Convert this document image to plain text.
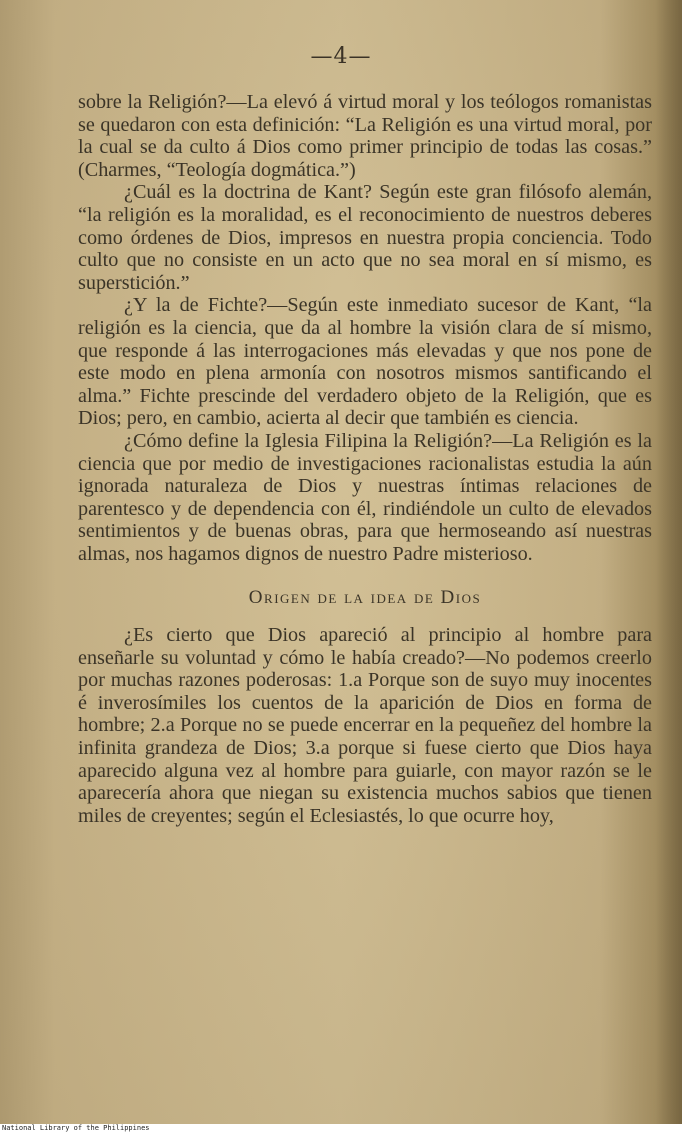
—4—

sobre la Religión?—La elevó á virtud moral y los teólogos romanistas se quedaron con esta definición: “La Religión es una virtud moral, por la cual se da culto á Dios como primer principio de todas las cosas.” (Charmes, “Teología dogmática.”)

¿Cuál es la doctrina de Kant? Según este gran filósofo alemán, “la religión es la moralidad, es el reconocimiento de nuestros deberes como órdenes de Dios, impresos en nuestra propia conciencia. Todo culto que no consiste en un acto que no sea moral en sí mismo, es superstición.”

¿Y la de Fichte?—Según este inmediato sucesor de Kant, “la religión es la ciencia, que da al hombre la visión clara de sí mismo, que responde á las interrogaciones más elevadas y que nos pone de este modo en plena armonía con nosotros mismos santificando el alma.” Fichte prescinde del verdadero objeto de la Religión, que es Dios; pero, en cambio, acierta al decir que también es ciencia.

¿Cómo define la Iglesia Filipina la Religión?—La Religión es la ciencia que por medio de investigaciones racionalistas estudia la aún ignorada naturaleza de Dios y nuestras íntimas relaciones de parentesco y de dependencia con él, rindiéndole un culto de elevados sentimientos y de buenas obras, para que hermoseando así nuestras almas, nos hagamos dignos de nuestro Padre misterioso.

Origen de la idea de Dios

¿Es cierto que Dios apareció al principio al hombre para enseñarle su voluntad y cómo le había creado?—No podemos creerlo por muchas razones poderosas: 1.a Porque son de suyo muy inocentes é inverosímiles los cuentos de la aparición de Dios en forma de hombre; 2.a Porque no se puede encerrar en la pequeñez del hombre la infinita grandeza de Dios; 3.a porque si fuese cierto que Dios haya aparecido alguna vez al hombre para guiarle, con mayor razón se le aparecería ahora que niegan su existencia muchos sabios que tienen miles de creyentes; según el Eclesiastés, lo que ocurre hoy,

National Library of the Philippines
